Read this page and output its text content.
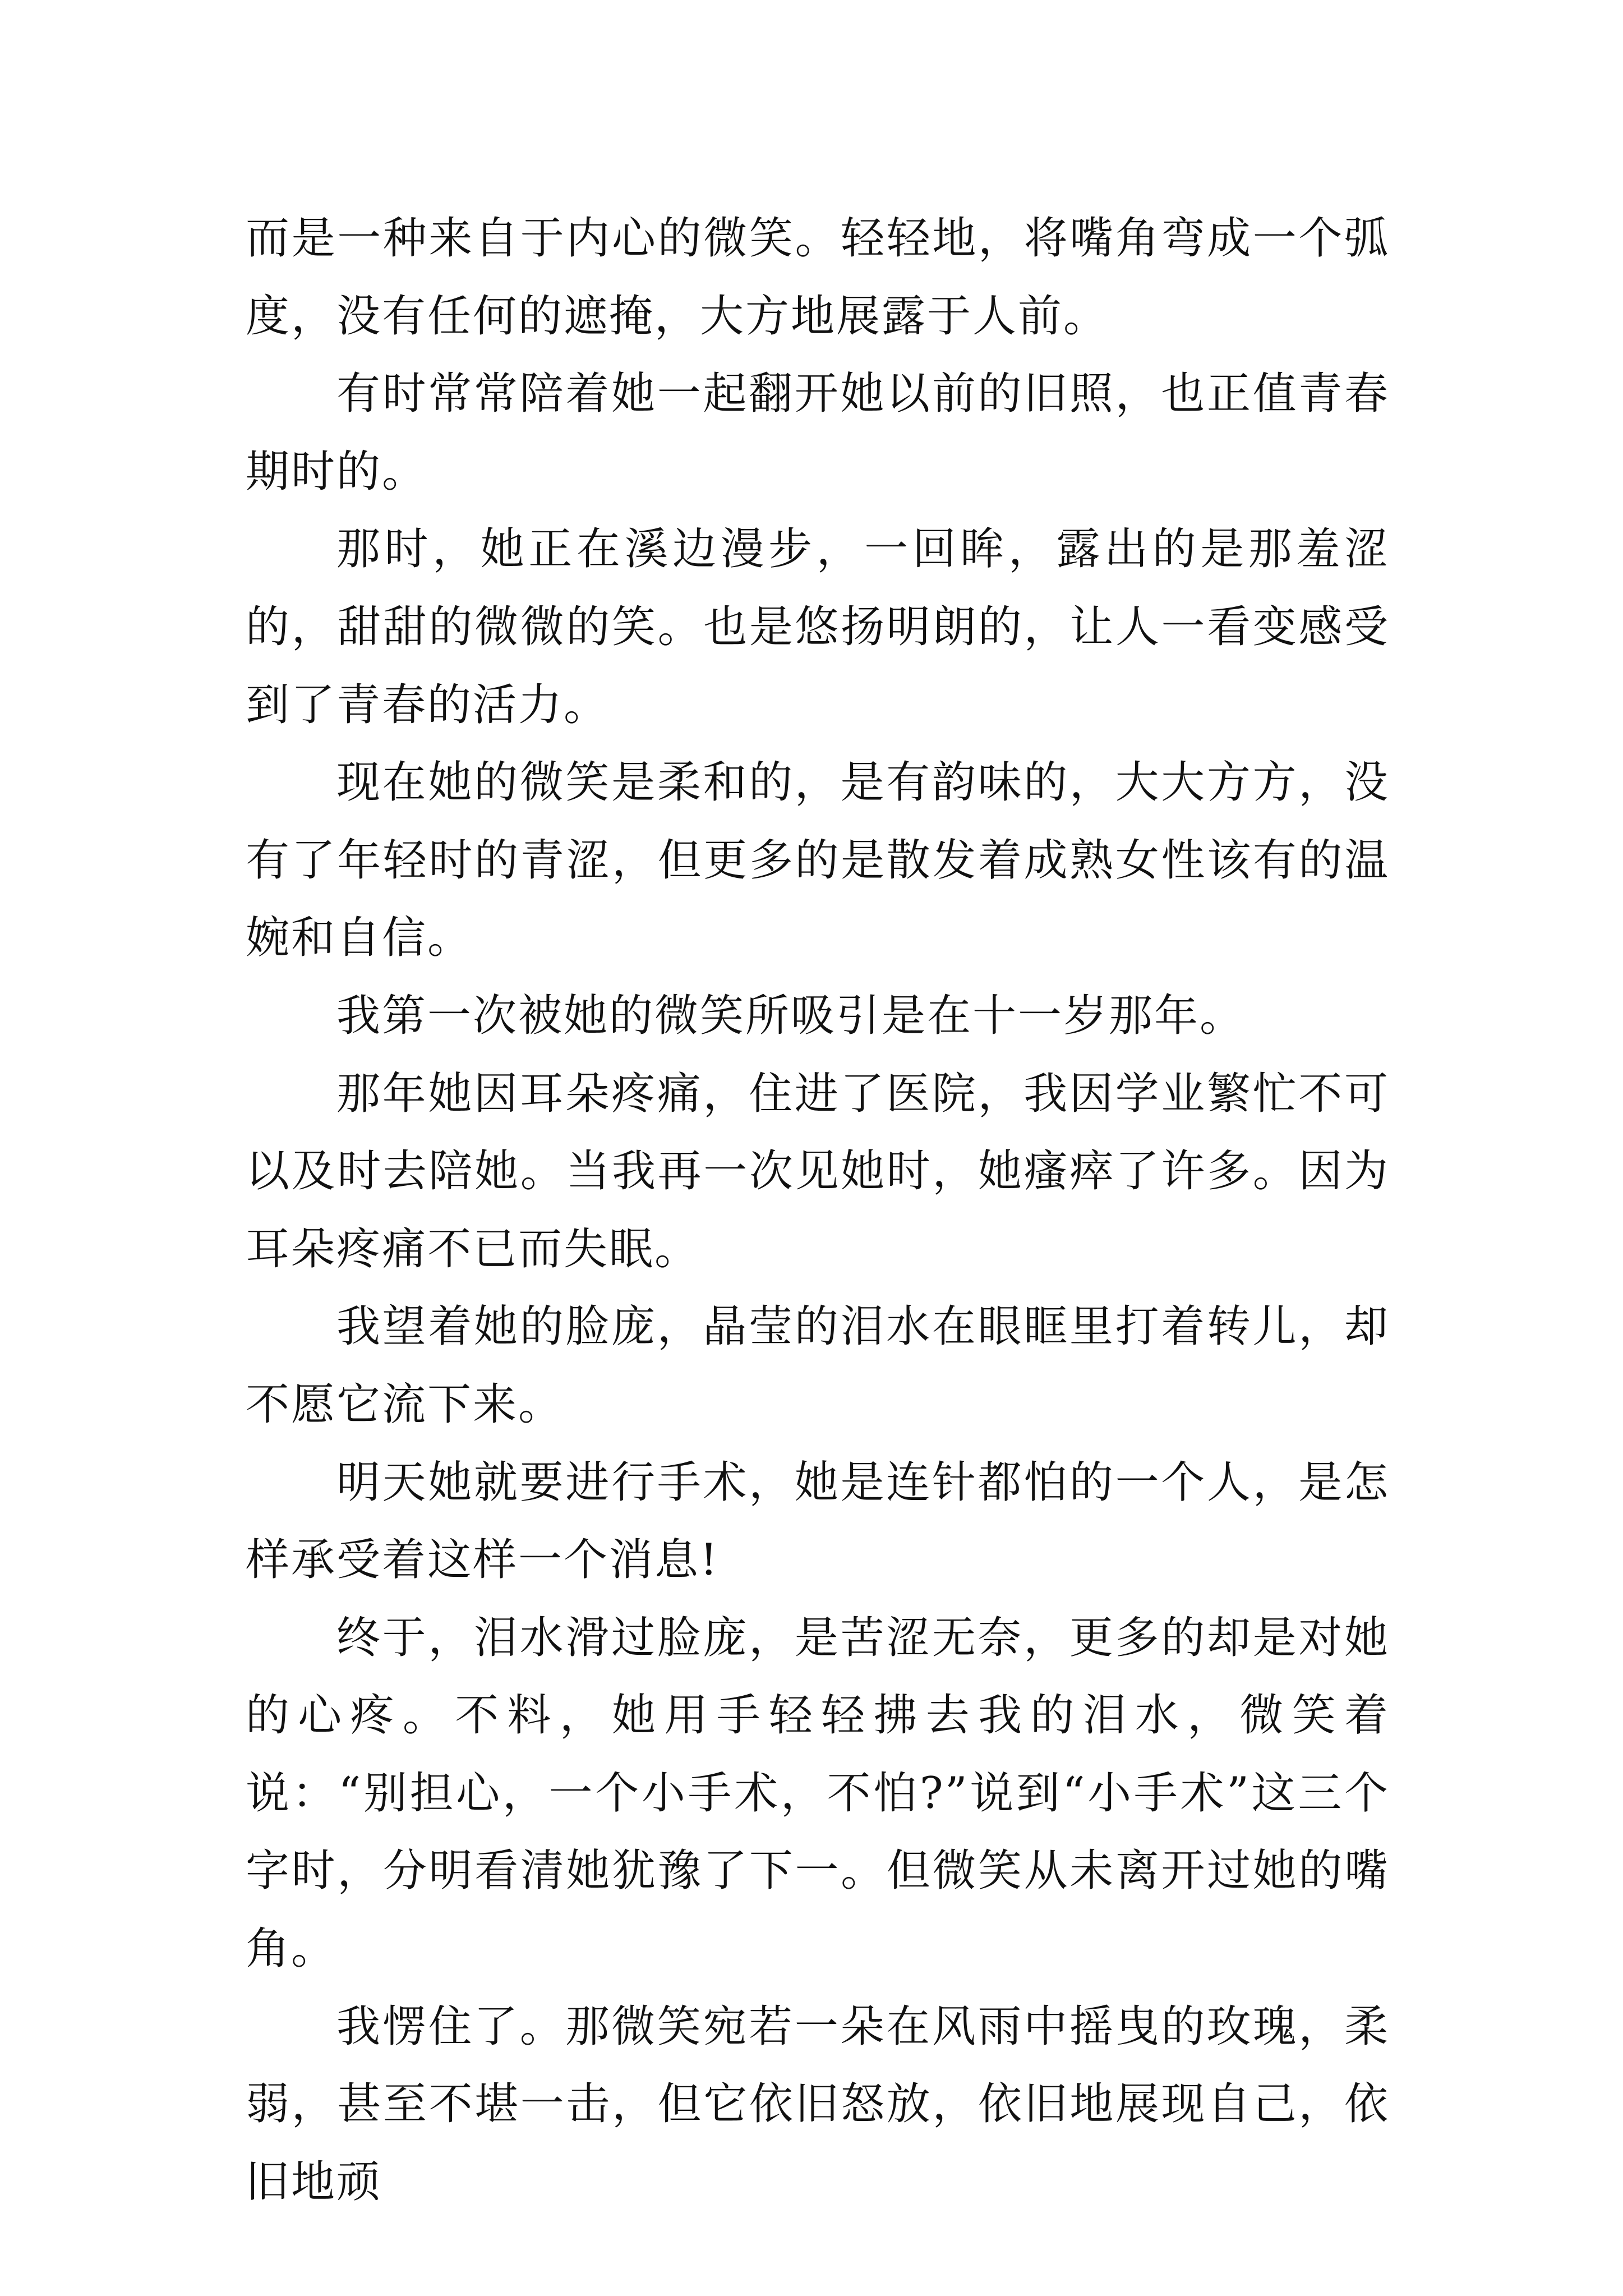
而是一种来自于内心的微笑。轻轻地，将嘴角弯成一个弧度，没有任何的遮掩，大方地展露于人前。

有时常常陪着她一起翻开她以前的旧照，也正值青春期时的。

那时，她正在溪边漫步，一回眸，露出的是那羞涩的，甜甜的微微的笑。也是悠扬明朗的，让人一看变感受到了青春的活力。

现在她的微笑是柔和的，是有韵味的，大大方方，没有了年轻时的青涩，但更多的是散发着成熟女性该有的温婉和自信。

我第一次被她的微笑所吸引是在十一岁那年。

那年她因耳朵疼痛，住进了医院，我因学业繁忙不可以及时去陪她。当我再一次见她时，她瘙瘁了许多。因为耳朵疼痛不已而失眠。

我望着她的脸庞，晶莹的泪水在眼眶里打着转儿，却不愿它流下来。

明天她就要进行手术，她是连针都怕的一个人，是怎样承受着这样一个消息!

终于，泪水滑过脸庞，是苦涩无奈，更多的却是对她的心疼。不料，她用手轻轻拂去我的泪水，微笑着说：“别担心，一个小手术，不怕?”说到“小手术”这三个字时，分明看清她犹豫了下一。但微笑从未离开过她的嘴角。

我愣住了。那微笑宛若一朵在风雨中摇曳的玫瑰，柔弱，甚至不堪一击，但它依旧怒放，依旧地展现自己，依旧地顽
